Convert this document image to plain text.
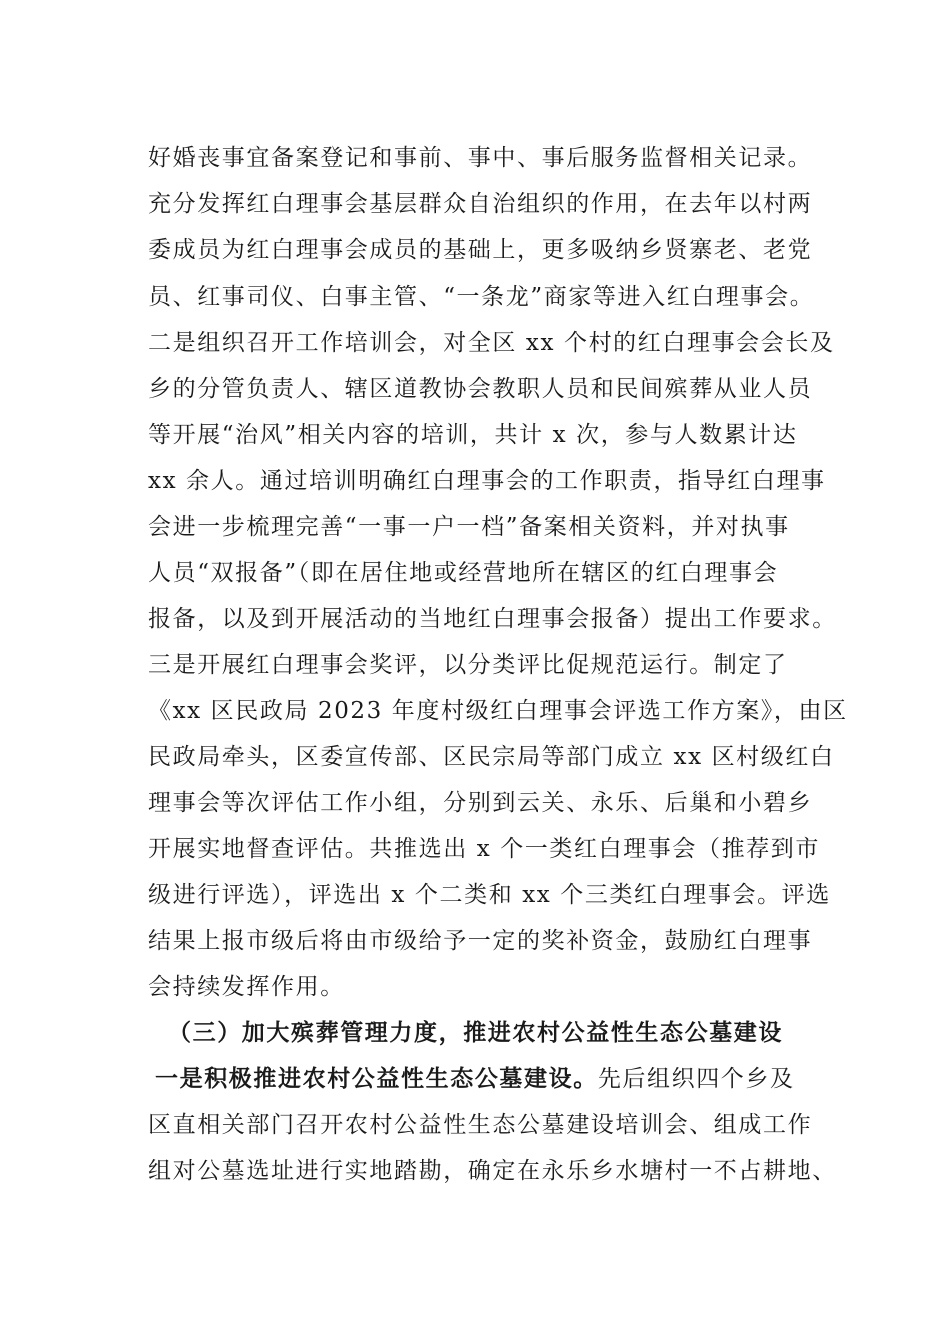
好婚丧事宜备案登记和事前、事中、事后服务监督相关记录。
充分发挥红白理事会基层群众自治组织的作用，在去年以村两
委成员为红白理事会成员的基础上，更多吸纳乡贤寨老、老党
员、红事司仪、白事主管、“一条龙”商家等进入红白理事会。
二是组织召开工作培训会，对全区 xx 个村的红白理事会会长及
乡的分管负责人、辖区道教协会教职人员和民间殡葬从业人员
等开展“治风”相关内容的培训，共计 x 次，参与人数累计达
xx 余人。通过培训明确红白理事会的工作职责，指导红白理事
会进一步梳理完善“一事一户一档”备案相关资料，并对执事
人员“双报备”（即在居住地或经营地所在辖区的红白理事会
报备，以及到开展活动的当地红白理事会报备）提出工作要求。
三是开展红白理事会奖评，以分类评比促规范运行。制定了
《xx 区民政局 2023 年度村级红白理事会评选工作方案》，由区
民政局牵头，区委宣传部、区民宗局等部门成立 xx 区村级红白
理事会等次评估工作小组，分别到云关、永乐、后巢和小碧乡
开展实地督查评估。共推选出 x 个一类红白理事会（推荐到市
级进行评选），评选出 x 个二类和 xx 个三类红白理事会。评选
结果上报市级后将由市级给予一定的奖补资金，鼓励红白理事
会持续发挥作用。
（三）加大殡葬管理力度，推进农村公益性生态公墓建设
一是积极推进农村公益性生态公墓建设。先后组织四个乡及
区直相关部门召开农村公益性生态公墓建设培训会、组成工作
组对公墓选址进行实地踏勘，确定在永乐乡水塘村一不占耕地、
